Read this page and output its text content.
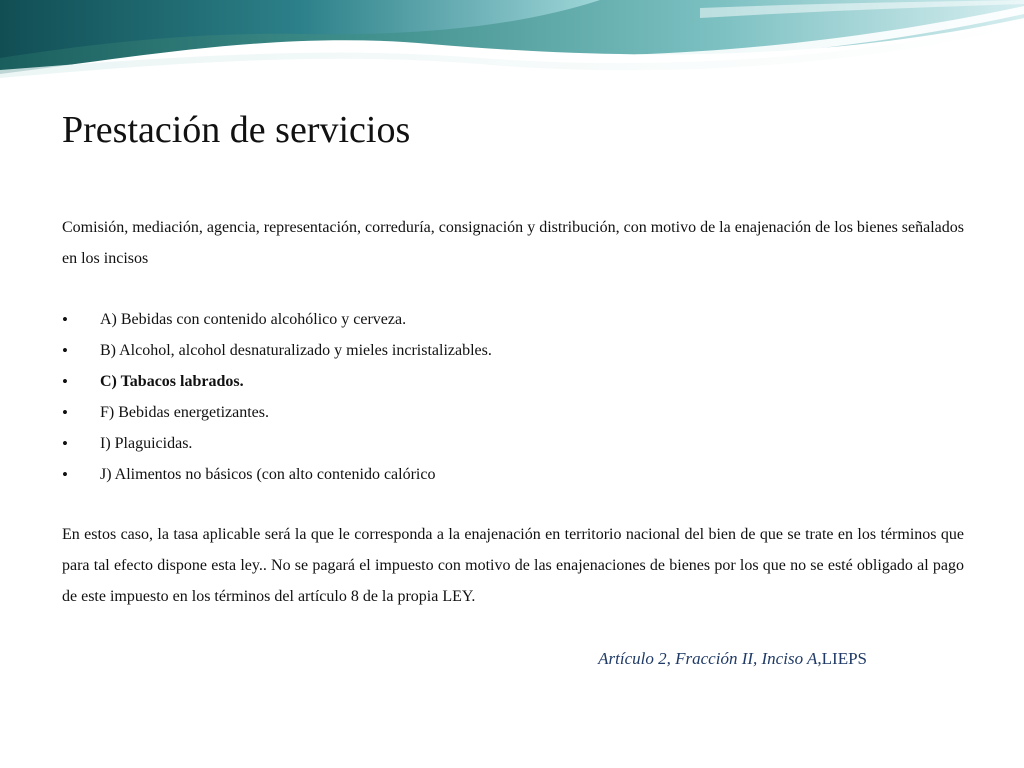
Prestación de servicios

Comisión, mediación, agencia, representación, correduría, consignación y distribución, con motivo de la enajenación de los bienes señalados en los incisos

• A) Bebidas con contenido alcohólico y cerveza.
• B) Alcohol, alcohol desnaturalizado y mieles incristalizables.
• C) Tabacos labrados.
• F) Bebidas energetizantes.
• I) Plaguicidas.
• J) Alimentos no básicos (con alto contenido calórico

En estos caso, la tasa aplicable será la que le corresponda a la enajenación en territorio nacional del bien de que se trate en los términos que para tal efecto dispone esta ley.. No se pagará el impuesto con motivo de las enajenaciones de bienes por los que no se esté obligado al pago de este impuesto en los términos del artículo 8 de la propia LEY.

Artículo 2, Fracción II, Inciso A,LIEPS
